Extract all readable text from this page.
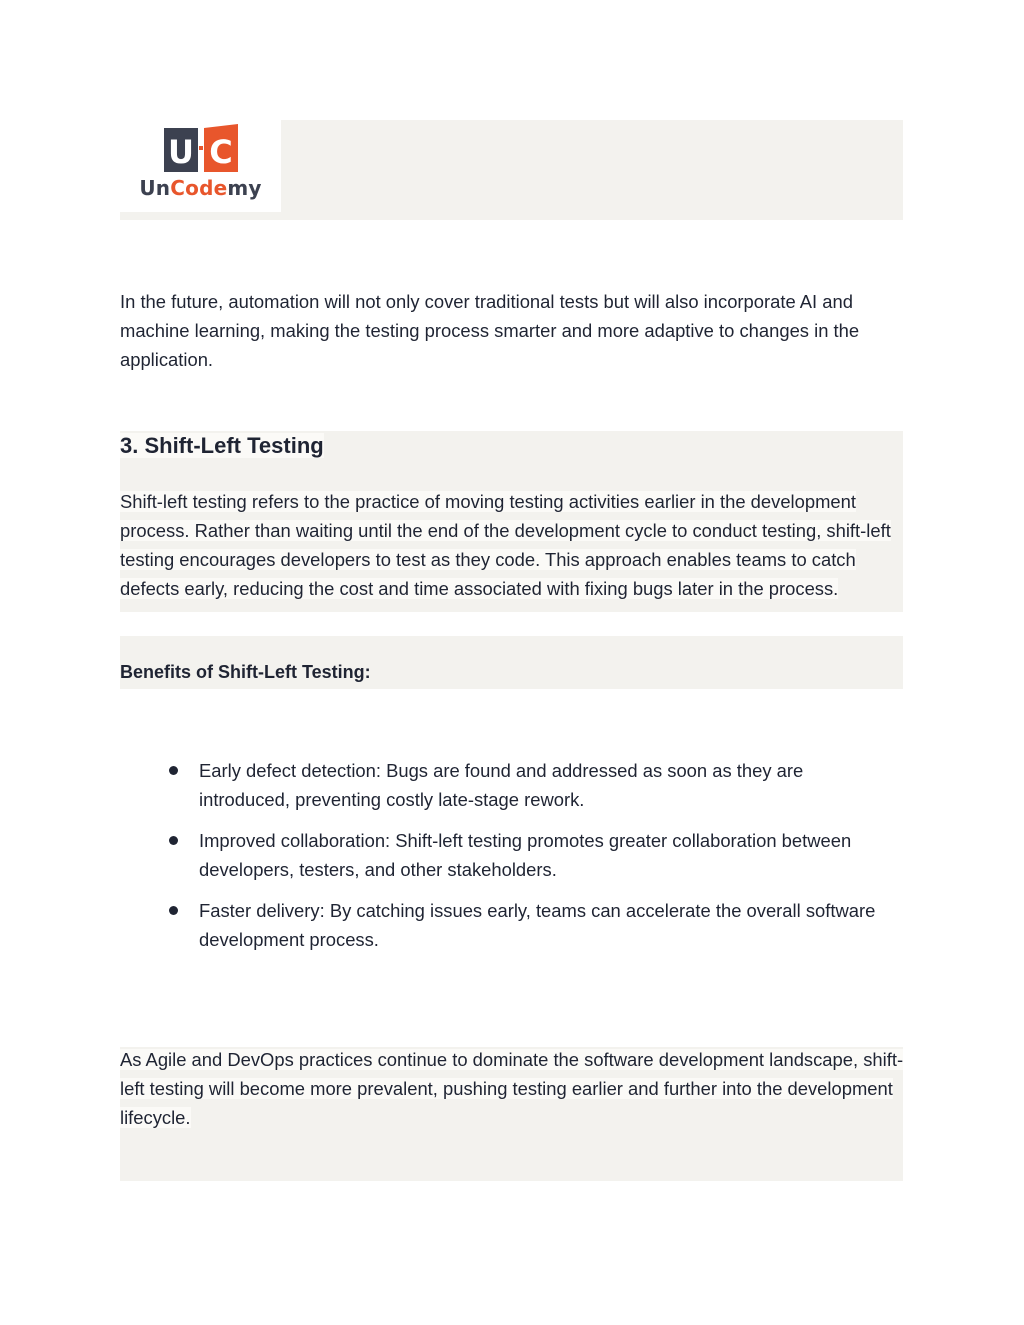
U C
UnCodemy

In the future, automation will not only cover traditional tests but will also incorporate AI and machine learning, making the testing process smarter and more adaptive to changes in the application.

3. Shift-Left Testing

Shift-left testing refers to the practice of moving testing activities earlier in the development process. Rather than waiting until the end of the development cycle to conduct testing, shift-left testing encourages developers to test as they code. This approach enables teams to catch defects early, reducing the cost and time associated with fixing bugs later in the process.

Benefits of Shift-Left Testing:
Early defect detection: Bugs are found and addressed as soon as they are introduced, preventing costly late-stage rework.
Improved collaboration: Shift-left testing promotes greater collaboration between developers, testers, and other stakeholders.
Faster delivery: By catching issues early, teams can accelerate the overall software development process.

As Agile and DevOps practices continue to dominate the software development landscape, shift-left testing will become more prevalent, pushing testing earlier and further into the development lifecycle.
